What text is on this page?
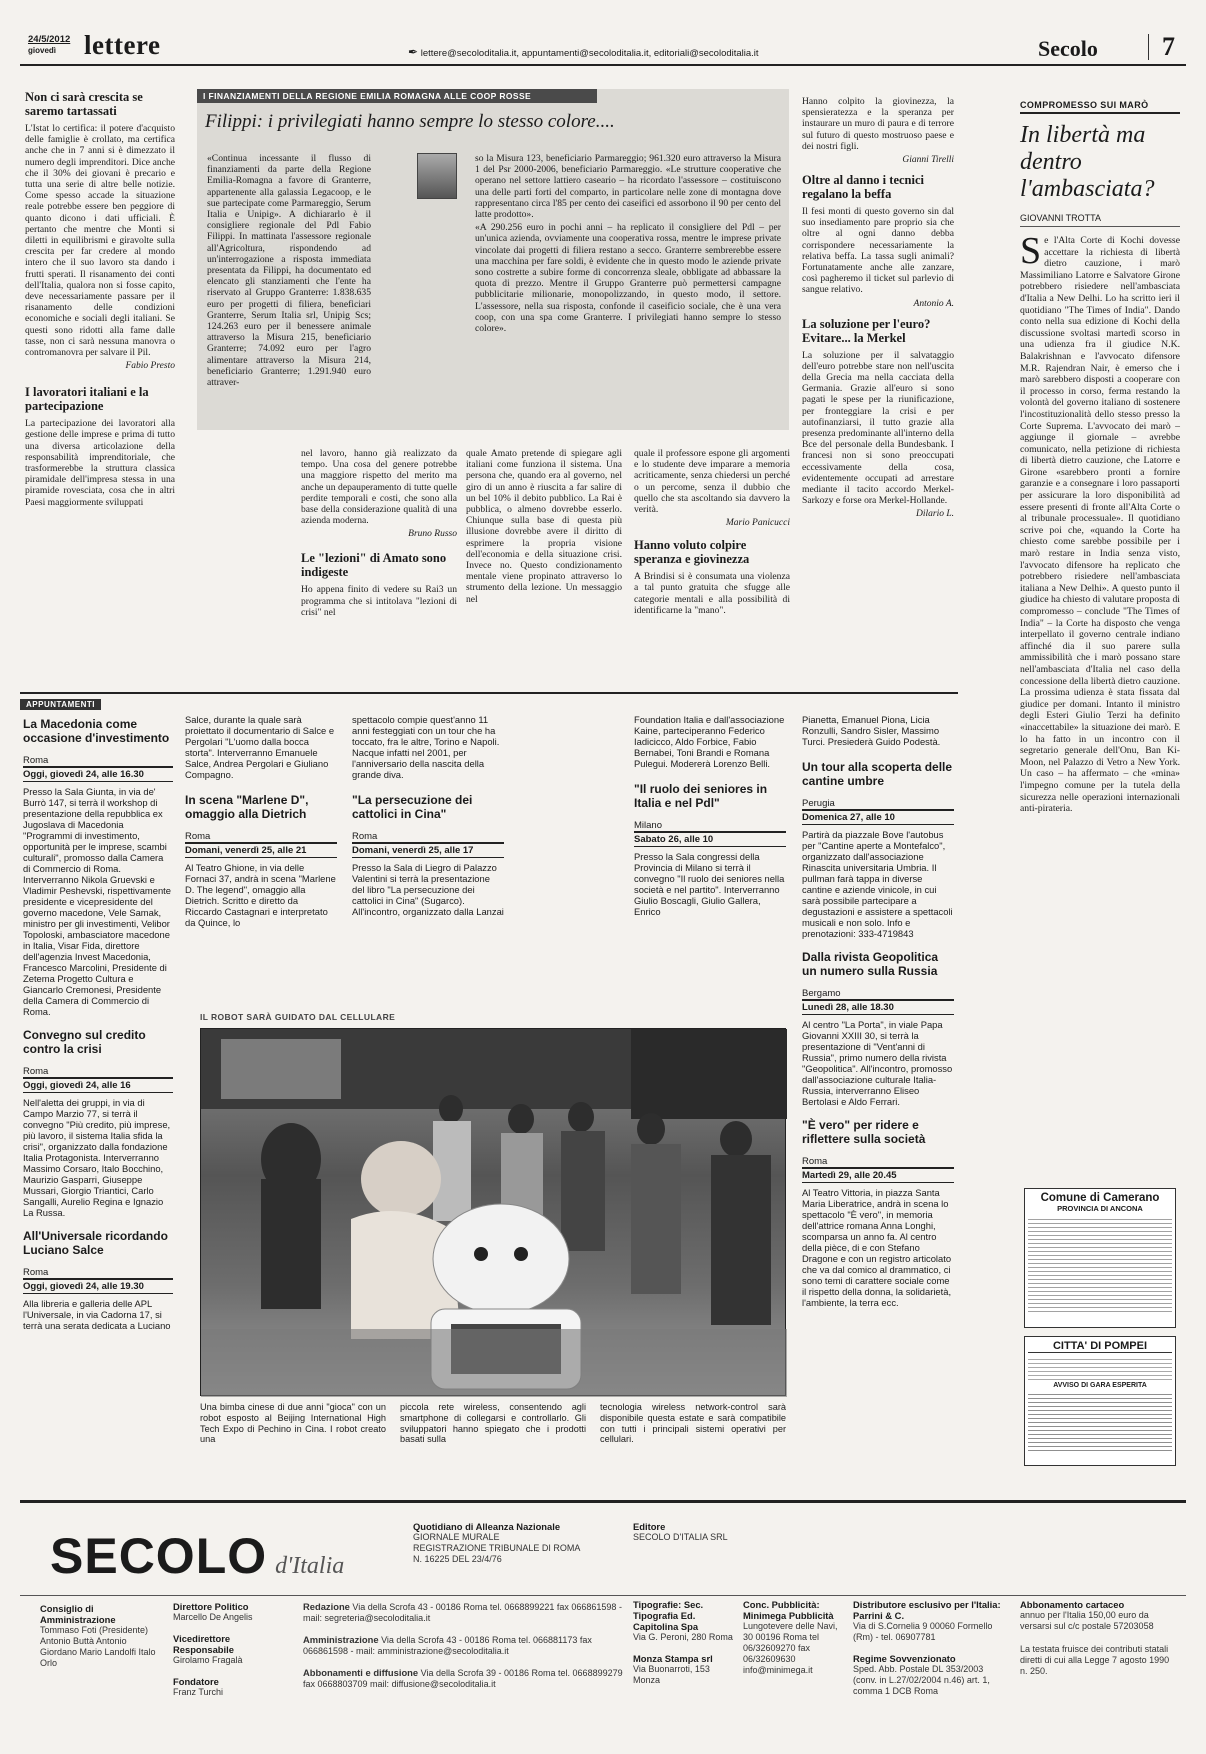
24/5/2012
giovedì lettere	✒ lettere@secoloditalia.it, appuntamenti@secoloditalia.it, editoriali@secoloditalia.it	Secolo 7
Non ci sarà crescita se saremo tartassati
L'Istat lo certifica: il potere d'acquisto delle famiglie è crollato, ma certifica anche che in 7 anni si è dimezzato il numero degli imprenditori. Dice anche che il 30% dei giovani è precario e tutta una serie di altre belle notizie. Come spesso accade la situazione reale potrebbe essere ben peggiore di quanto dicono i dati ufficiali. È pertanto che mentre che Monti si diletti in equilibrismi e giravolte sulla crescita per far credere al mondo intero che il suo lavoro sta dando i frutti sperati. Il risanamento dei conti dell'Italia, qualora non si fosse capito, deve necessariamente passare per il risanamento delle condizioni economiche e sociali degli italiani. Se questi sono ridotti alla fame dalle tasse, non ci sarà nessuna manovra o contromanovra per salvare il Pil.
Fabio Presto
I lavoratori italiani e la partecipazione
La partecipazione dei lavoratori alla gestione delle imprese e prima di tutto una diversa articolazione della responsabilità imprenditoriale, che trasformerebbe la struttura classica piramidale dell'impresa stessa in una piramide rovesciata, cosa che in altri Paesi maggiormente sviluppati
I FINANZIAMENTI DELLA REGIONE EMILIA ROMAGNA ALLE COOP ROSSE
Filippi: i privilegiati hanno sempre lo stesso colore....
«Continua incessante il flusso di finanziamenti da parte della Regione Emilia-Romagna a favore di Granterre, appartenente alla galassia Legacoop, e le sue partecipate come Parmareggio, Serum Italia e Unipig». A dichiararlo è il consigliere regionale del Pdl Fabio Filippi. In mattinata l'assessore regionale all'Agricoltura, rispondendo ad un'interrogazione a risposta immediata presentata da Filippi, ha documentato ed elencato gli stanziamenti che l'ente ha riservato al Gruppo Granterre: 1.838.635 euro per progetti di filiera, beneficiari Granterre, Serum Italia srl, Unipig Scs; 124.263 euro per il benessere animale attraverso la Misura 215, beneficiario Granterre; 74.092 euro per l'agro alimentare attraverso la Misura 214, beneficiario Granterre; 1.291.940 euro attraver-

so la Misura 123, beneficiario Parmareggio; 961.320 euro attraverso la Misura 1 del Psr 2000-2006, beneficiario Parmareggio. «Le strutture cooperative che operano nel settore lattiero caseario – ha ricordato l'assessore – costituiscono una delle parti forti del comparto, in particolare nelle zone di montagna dove rappresentano circa l'85 per cento dei caseifici ed assorbono il 90 per cento del latte prodotto».

«A 290.256 euro in pochi anni – ha replicato il consigliere del Pdl – per un'unica azienda, ovviamente una cooperativa rossa, mentre le imprese private vincolate dai progetti di filiera restano a secco. Granterre sembrerebbe essere una macchina per fare soldi, è evidente che in questo modo le aziende private sono costrette a subire forme di concorrenza sleale, obbligate ad abbassare la quota di prezzo. Mentre il Gruppo Granterre può permettersi campagne pubblicitarie milionarie, monopolizzando, in questo modo, il settore. L'assessore, nella sua risposta, confonde il caseificio sociale, che è una vera coop, con una spa come Granterre. I privilegiati hanno sempre lo stesso colore».

nel lavoro, hanno già realizzato da tempo. Una cosa del genere potrebbe una maggiore rispetto del merito ma anche un depauperamento di tutte quelle perdite temporali e costi, che sono alla base della considerazione qualità di una azienda moderna.
Bruno Russo
Le "lezioni" di Amato sono indigeste
Ho appena finito di vedere su Rai3 un programma che si intitolava "lezioni di crisi" nel
quale Amato pretende di spiegare agli italiani come funziona il sistema. Una persona che, quando era al governo, nel giro di un anno è riuscita a far salire di un bel 10% il debito pubblico. La Rai è pubblica, o almeno dovrebbe esserlo. Chiunque sulla base di questa più illusione dovrebbe avere il diritto di esprimere la propria visione dell'economia e della situazione crisi. Invece no. Questo condizionamento mentale viene propinato attraverso lo strumento della lezione. Un messaggio nel
quale il professore espone gli argomenti e lo studente deve imparare a memoria acriticamente, senza chiedersi un perché o un percome, senza il dubbio che quello che sta ascoltando sia davvero la verità.
Mario Panicucci
Hanno voluto colpire speranza e giovinezza
A Brindisi si è consumata una violenza a tal punto gratuita che sfugge alle categorie mentali e alla possibilità di identificarne la "mano".
Hanno colpito la giovinezza, la spensieratezza e la speranza per instaurare un muro di paura e di terrore sul futuro di questo mostruoso paese e dei nostri figli.
Gianni Tirelli
Oltre al danno i tecnici regalano la beffa
Il fesi monti di questo governo sin dal suo insediamento pare proprio sia che oltre al ogni danno debba corrispondere necessariamente la relativa beffa. La tassa sugli animali? Fortunatamente anche alle zanzare, così pagheremo il ticket sul parlevio di sangue relativo.
Antonio A.
La soluzione per l'euro? Evitare... la Merkel
La soluzione per il salvataggio dell'euro potrebbe stare non nell'uscita della Grecia ma nella cacciata della Germania. Grazie all'euro si sono pagati le spese per la riunificazione, per fronteggiare la crisi e per autofinanziarsi, il tutto grazie alla presenza predominante all'interno della Bce del personale della Bundesbank. I francesi non si sono preoccupati eccessivamente della cosa, evidentemente occupati ad arrestare mediante il tacito accordo Merkel-Sarkozy e forse ora Merkel-Hollande.
Dilario L.
COMPROMESSO SUI MARÒ
In libertà ma dentro l'ambasciata?
GIOVANNI TROTTA
S e l'Alta Corte di Kochi dovesse accettare la richiesta di libertà dietro cauzione, i marò Massimiliano Latorre e Salvatore Girone potrebbero risiedere nell'ambasciata d'Italia a New Delhi. Lo ha scritto ieri il quotidiano "The Times of India". Dando conto nella sua edizione di Kochi della discussione svoltasi martedì scorso in una udienza fra il giudice N.K. Balakrishnan e l'avvocato difensore M.R. Rajendran Nair, è emerso che i marò sarebbero disposti a cooperare con il processo in corso, ferma restando la volontà del governo italiano di sostenere l'incostituzionalità dello stesso presso la Corte Suprema. L'avvocato dei marò – aggiunge il giornale – avrebbe comunicato, nella petizione di richiesta di libertà dietro cauzione, che Latorre e Girone «sarebbero pronti a fornire garanzie e a consegnare i loro passaporti per assicurare la loro disponibilità ad essere presenti di fronte all'Alta Corte o al tribunale processuale». Il quotidiano scrive poi che, «quando la Corte ha chiesto come sarebbe possibile per i marò restare in India senza visto, l'avvocato difensore ha replicato che potrebbero risiedere nell'ambasciata italiana a New Delhi». A questo punto il giudice ha chiesto di valutare proposta di compromesso – conclude "The Times of India" – la Corte ha disposto che venga interpellato il governo centrale indiano affinché dia il suo parere sulla ammissibilità che i marò possano stare nell'ambasciata d'Italia nel caso della concessione della libertà dietro cauzione. La prossima udienza è stata fissata dal giudice per domani. Intanto il ministro degli Esteri Giulio Terzi ha definito «inaccettabile» la situazione dei marò. E lo ha fatto in un incontro con il segretario generale dell'Onu, Ban Ki-Moon, nel Palazzo di Vetro a New York. Un caso – ha affermato – che «mina» l'impegno comune per la tutela della sicurezza nelle operazioni internazionali anti-pirateria.
APPUNTAMENTI
La Macedonia come occasione d'investimento
Roma
Oggi, giovedì 24, alle 16.30
Presso la Sala Giunta, in via de' Burrò 147, si terrà il workshop di presentazione della repubblica ex Jugoslava di Macedonia "Programmi di investimento, opportunità per le imprese, scambi culturali", promosso dalla Camera di Commercio di Roma. Interverranno Nikola Gruevski e Vladimir Peshevski, rispettivamente presidente e vicepresidente del governo macedone, Vele Samak, ministro per gli investimenti, Velibor Topoloski, ambasciatore macedone in Italia, Visar Fida, direttore dell'agenzia Invest Macedonia, Francesco Marcolini, Presidente di Zetema Progetto Cultura e Giancarlo Cremonesi, Presidente della Camera di Commercio di Roma.
Convegno sul credito contro la crisi
Roma
Oggi, giovedì 24, alle 16
Nell'aletta dei gruppi, in via di Campo Marzio 77, si terrà il convegno "Più credito, più imprese, più lavoro, il sistema Italia sfida la crisi", organizzato dalla fondazione Italia Protagonista. Interverranno Massimo Corsaro, Italo Bocchino, Maurizio Gasparri, Giuseppe Mussari, Giorgio Triantici, Carlo Sangalli, Aurelio Regina e Ignazio La Russa.
All'Universale ricordando Luciano Salce
Roma
Oggi, giovedì 24, alle 19.30
Alla libreria e galleria delle APL l'Universale, in via Cadorna 17, si terrà una serata dedicata a Luciano
Salce, durante la quale sarà proiettato il documentario di Salce e Pergolari "L'uomo dalla bocca storta". Interverranno Emanuele Salce, Andrea Pergolari e Giuliano Compagno.
In scena "Marlene D", omaggio alla Dietrich
Roma
Domani, venerdì 25, alle 21
Al Teatro Ghione, in via delle Fornaci 37, andrà in scena "Marlene D. The legend", omaggio alla Dietrich. Scritto e diretto da Riccardo Castagnari e interpretato da Quince, lo
spettacolo compie quest'anno 11 anni festeggiati con un tour che ha toccato, fra le altre, Torino e Napoli. Nacque infatti nel 2001, per l'anniversario della nascita della grande diva.
"La persecuzione dei cattolici in Cina"
Roma
Domani, venerdì 25, alle 17
Presso la Sala di Liegro di Palazzo Valentini si terrà la presentazione del libro "La persecuzione dei cattolici in Cina" (Sugarco). All'incontro, organizzato dalla Lanzai
Foundation Italia e dall'associazione Kaine, parteciperanno Federico Iadicicco, Aldo Forbice, Fabio Bernabei, Toni Brandi e Romana Pulegui. Modererà Lorenzo Belli.
"Il ruolo dei seniores in Italia e nel Pdl"
Milano
Sabato 26, alle 10
Presso la Sala congressi della Provincia di Milano si terrà il convegno "Il ruolo dei seniores nella società e nel partito". Interverranno Giulio Boscagli, Giulio Gallera, Enrico
Pianetta, Emanuel Piona, Licia Ronzulli, Sandro Sisler, Massimo Turci. Presiederà Guido Podestà.
Un tour alla scoperta delle cantine umbre
Perugia
Domenica 27, alle 10
Partirà da piazzale Bove l'autobus per "Cantine aperte a Montefalco", organizzato dall'associazione Rinascita universitaria Umbria. Il pullman farà tappa in diverse cantine e aziende vinicole, in cui sarà possibile partecipare a degustazioni e assistere a spettacoli musicali e non solo. Info e prenotazioni: 333-4719843
Dalla rivista Geopolitica un numero sulla Russia
Bergamo
Lunedì 28, alle 18.30
Al centro "La Porta", in viale Papa Giovanni XXIII 30, si terrà la presentazione di "Vent'anni di Russia", primo numero della rivista "Geopolitica". All'incontro, promosso dall'associazione culturale Italia-Russia, interverranno Eliseo Bertolasi e Aldo Ferrari.
"È vero" per ridere e riflettere sulla società
Roma
Martedì 29, alle 20.45
Al Teatro Vittoria, in piazza Santa Maria Liberatrice, andrà in scena lo spettacolo "È vero", in memoria dell'attrice romana Anna Longhi, scomparsa un anno fa. Al centro della pièce, di e con Stefano Dragone e con un registro articolato che va dal comico al drammatico, ci sono temi di carattere sociale come il rispetto della donna, la solidarietà, l'ambiente, la terra ecc.
IL ROBOT SARÀ GUIDATO DAL CELLULARE
Una bimba cinese di due anni "gioca" con un robot esposto al Beijing International High Tech Expo di Pechino in Cina. I robot creato una
piccola rete wireless, consentendo agli smartphone di collegarsi e controllarlo. Gli sviluppatori hanno spiegato che i prodotti basati sulla
tecnologia wireless network-control sarà disponibile questa estate e sarà compatibile con tutti i principali sistemi operativi per cellulari.
Comune di Camerano
PROVINCIA DI ANCONA
CITTA' DI POMPEI
AVVISO DI GARA ESPERITA
SECOLO d'Italia
Quotidiano di Alleanza Nazionale
GIORNALE MURALE
REGISTRAZIONE TRIBUNALE DI ROMA
N. 16225 DEL 23/4/76
Editore
SECOLO D'ITALIA SRL
Consiglio di Amministrazione
Tommaso Foti (Presidente) Antonio Buttà Antonio Giordano Mario Landolfi Italo Orlo
Direttore Politico
Marcello De Angelis
Vicedirettore Responsabile
Girolamo Fragalà
Fondatore
Franz Turchi
Redazione Via della Scrofa 43 - 00186 Roma tel. 0668899221 fax 066861598 - mail: segreteria@secoloditalia.it
Amministrazione Via della Scrofa 43 - 00186 Roma tel. 066881173 fax 066861598 - mail: amministrazione@secoloditalia.it
Abbonamenti e diffusione Via della Scrofa 39 - 00186 Roma tel. 0668899279 fax 0668803709 mail: diffusione@secoloditalia.it
Tipografie: Sec. Tipografia Ed. Capitolina Spa
Via G. Peroni, 280 Roma
Monza Stampa srl
Via Buonarroti, 153 Monza
Conc. Pubblicità: Minimega Pubblicità
Lungotevere delle Navi, 30 00196 Roma tel 06/32609270 fax 06/32609630 info@minimega.it
Distributore esclusivo per l'Italia: Parrini & C.
Via di S.Cornelia 9 00060 Formello (Rm) - tel. 06907781
Regime Sovvenzionato
Sped. Abb. Postale DL 353/2003 (conv. in L.27/02/2004 n.46) art. 1, comma 1 DCB Roma
Abbonamento cartaceo
annuo per l'Italia 150,00 euro da versarsi sul c/c postale 57203058
La testata fruisce dei contributi statali diretti di cui alla Legge 7 agosto 1990 n. 250.
